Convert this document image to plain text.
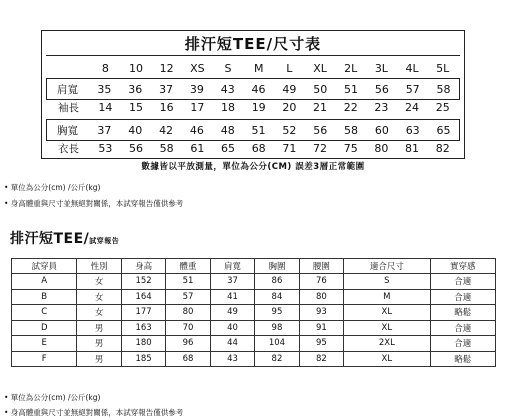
排汗短TEE/尺寸表
8	10	12	XS	S	M	L	XL	2L	3L	4L	5L
肩寬	35	36	37	39	43	46	49	50	51	56	57	58
袖長	14	15	16	17	18	19	20	21	22	23	24	25
胸寬	37	40	42	46	48	51	52	56	58	60	63	65
衣長	53	56	58	61	65	68	71	72	75	80	81	82
數據皆以平放測量，單位為公分(CM) 誤差3層正常範圍
• 單位為公分(cm) /公斤(kg)
• 身高體重與尺寸並無絕對關係，本試穿報告僅供參考
排汗短TEE/試穿報告
試穿員	性別	身高	體重	肩寬	胸圍	腰圍	適合尺寸	實穿感
A	女	152	51	37	86	76	S	合適
B	女	164	57	41	84	80	M	合適
C	女	177	80	49	95	93	XL	略鬆
D	男	163	70	40	98	91	XL	合適
E	男	180	96	44	104	95	2XL	合適
F	男	185	68	43	82	82	XL	略鬆
• 單位為公分(cm) /公斤(kg)
• 身高體重與尺寸並無絕對關係，本試穿報告僅供參考
